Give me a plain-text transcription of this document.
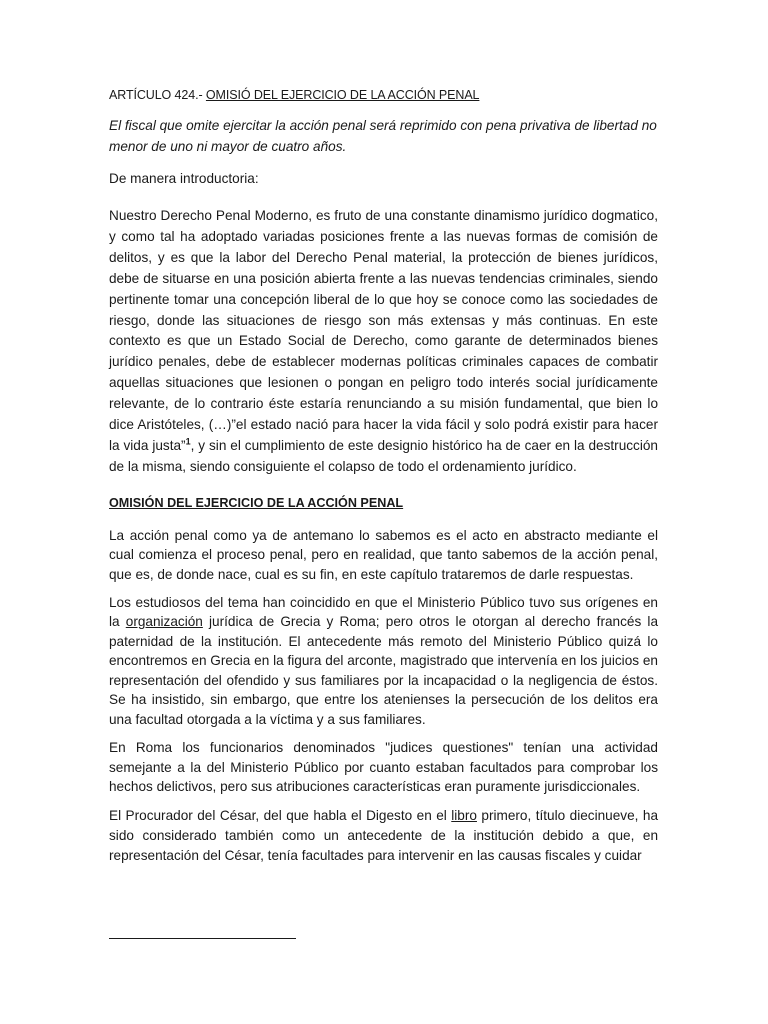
ARTÍCULO 424.- OMISIÓ DEL EJERCICIO DE LA ACCIÓN PENAL

El fiscal que omite ejercitar la acción penal será reprimido con pena privativa de libertad no menor de uno ni mayor de cuatro años.

De manera introductoria:

Nuestro Derecho Penal Moderno, es fruto de una constante dinamismo jurídico dogmatico, y como tal ha adoptado variadas posiciones frente a las nuevas formas de comisión de delitos, y es que la labor del Derecho Penal material, la protección de bienes jurídicos, debe de situarse en una posición abierta frente a las nuevas tendencias criminales, siendo pertinente tomar una concepción liberal de lo que hoy se conoce como las sociedades de riesgo, donde las situaciones de riesgo son más extensas y más continuas. En este contexto es que un Estado Social de Derecho, como garante de determinados bienes jurídico penales, debe de establecer modernas políticas criminales capaces de combatir aquellas situaciones que lesionen o pongan en peligro todo interés social jurídicamente relevante, de lo contrario éste estaría renunciando a su misión fundamental, que bien lo dice Aristóteles, (…)”el estado nació para hacer la vida fácil y solo podrá existir para hacer la vida justa”$^1$, y sin el cumplimiento de este designio histórico ha de caer en la destrucción de la misma, siendo consiguiente el colapso de todo el ordenamiento jurídico.

OMISIÓN DEL EJERCICIO DE LA ACCIÓN PENAL

La acción penal como ya de antemano lo sabemos es el acto en abstracto mediante el cual comienza el proceso penal, pero en realidad, que tanto sabemos de la acción penal, que es, de donde nace, cual es su fin, en este capítulo trataremos de darle respuestas.

Los estudiosos del tema han coincidido en que el Ministerio Público tuvo sus orígenes en la organización jurídica de Grecia y Roma; pero otros le otorgan al derecho francés la paternidad de la institución. El antecedente más remoto del Ministerio Público quizá lo encontremos en Grecia en la figura del arconte, magistrado que intervenía en los juicios en representación del ofendido y sus familiares por la incapacidad o la negligencia de éstos. Se ha insistido, sin embargo, que entre los atenienses la persecución de los delitos era una facultad otorgada a la víctima y a sus familiares.

En Roma los funcionarios denominados "judices questiones" tenían una actividad semejante a la del Ministerio Público por cuanto estaban facultados para comprobar los hechos delictivos, pero sus atribuciones características eran puramente jurisdiccionales.

El Procurador del César, del que habla el Digesto en el libro primero, título diecinueve, ha sido considerado también como un antecedente de la institución debido a que, en representación del César, tenía facultades para intervenir en las causas fiscales y cuidar
